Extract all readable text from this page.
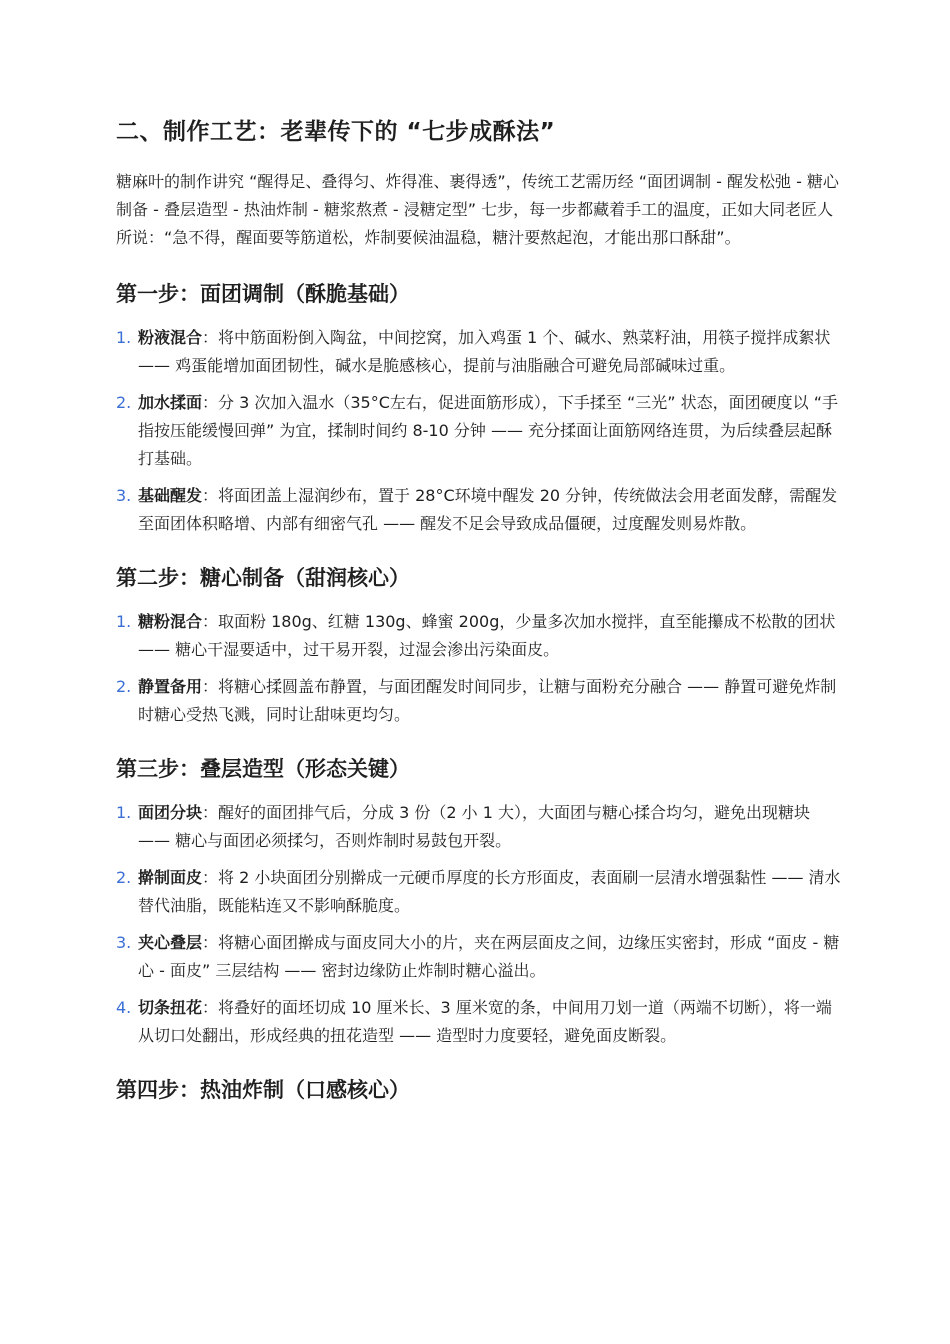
二、制作工艺：老辈传下的 “七步成酥法”

糖麻叶的制作讲究 “醒得足、叠得匀、炸得准、裹得透”，传统工艺需历经 “面团调制 - 醒发松弛 - 糖心制备 - 叠层造型 - 热油炸制 - 糖浆熬煮 - 浸糖定型” 七步，每一步都藏着手工的温度，正如大同老匠人所说：“急不得，醒面要等筋道松，炸制要候油温稳，糖汁要熬起泡，才能出那口酥甜”。

第一步：面团调制（酥脆基础）
1. 粉液混合：将中筋面粉倒入陶盆，中间挖窝，加入鸡蛋 1 个、碱水、熟菜籽油，用筷子搅拌成絮状 —— 鸡蛋能增加面团韧性，碱水是脆感核心，提前与油脂融合可避免局部碱味过重。
2. 加水揉面：分 3 次加入温水（35°C左右，促进面筋形成），下手揉至 “三光” 状态，面团硬度以 “手指按压能缓慢回弹” 为宜，揉制时间约 8-10 分钟 —— 充分揉面让面筋网络连贯，为后续叠层起酥打基础。
3. 基础醒发：将面团盖上湿润纱布，置于 28°C环境中醒发 20 分钟，传统做法会用老面发酵，需醒发至面团体积略增、内部有细密气孔 —— 醒发不足会导致成品僵硬，过度醒发则易炸散。
第二步：糖心制备（甜润核心）
1. 糖粉混合：取面粉 180g、红糖 130g、蜂蜜 200g，少量多次加水搅拌，直至能攥成不松散的团状 —— 糖心干湿要适中，过干易开裂，过湿会渗出污染面皮。
2. 静置备用：将糖心揉圆盖布静置，与面团醒发时间同步，让糖与面粉充分融合 —— 静置可避免炸制时糖心受热飞溅，同时让甜味更均匀。
第三步：叠层造型（形态关键）
1. 面团分块：醒好的面团排气后，分成 3 份（2 小 1 大），大面团与糖心揉合均匀，避免出现糖块 —— 糖心与面团必须揉匀，否则炸制时易鼓包开裂。
2. 擀制面皮：将 2 小块面团分别擀成一元硬币厚度的长方形面皮，表面刷一层清水增强黏性 —— 清水替代油脂，既能粘连又不影响酥脆度。
3. 夹心叠层：将糖心面团擀成与面皮同大小的片，夹在两层面皮之间，边缘压实密封，形成 “面皮 - 糖心 - 面皮” 三层结构 —— 密封边缘防止炸制时糖心溢出。
4. 切条扭花：将叠好的面坯切成 10 厘米长、3 厘米宽的条，中间用刀划一道（两端不切断），将一端从切口处翻出，形成经典的扭花造型 —— 造型时力度要轻，避免面皮断裂。
第四步：热油炸制（口感核心）
